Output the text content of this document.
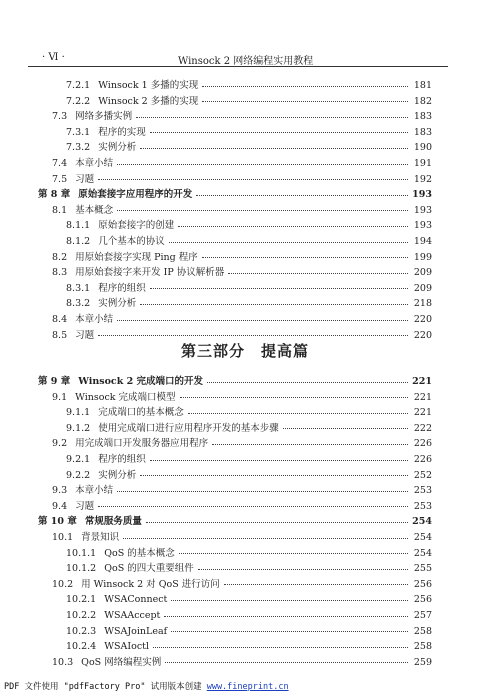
· Ⅵ ·	Winsock 2 网络编程实用教程
7.2.1 Winsock 1 多播的实现	181
7.2.2 Winsock 2 多播的实现	182
7.3 网络多播实例	183
7.3.1 程序的实现	183
7.3.2 实例分析	190
7.4 本章小结	191
7.5 习题	192
第 8 章 原始套接字应用程序的开发	193
8.1 基本概念	193
8.1.1 原始套接字的创建	193
8.1.2 几个基本的协议	194
8.2 用原始套接字实现 Ping 程序	199
8.3 用原始套接字来开发 IP 协议解析器	209
8.3.1 程序的组织	209
8.3.2 实例分析	218
8.4 本章小结	220
8.5 习题	220
第 9 章 Winsock 2 完成端口的开发	221
9.1 Winsock 完成端口模型	221
9.1.1 完成端口的基本概念	221
9.1.2 使用完成端口进行应用程序开发的基本步骤	222
9.2 用完成端口开发服务器应用程序	226
9.2.1 程序的组织	226
9.2.2 实例分析	252
9.3 本章小结	253
9.4 习题	253
第 10 章 常规服务质量	254
10.1 背景知识	254
10.1.1 QoS 的基本概念	254
10.1.2 QoS 的四大重要组件	255
10.2 用 Winsock 2 对 QoS 进行访问	256
10.2.1 WSAConnect	256
10.2.2 WSAAccept	257
10.2.3 WSAJoinLeaf	258
10.2.4 WSAIoctl	258
10.3 QoS 网络编程实例	259
第三部分　提高篇
PDF 文件使用 "pdfFactory Pro" 试用版本创建 www.fineprint.cn
